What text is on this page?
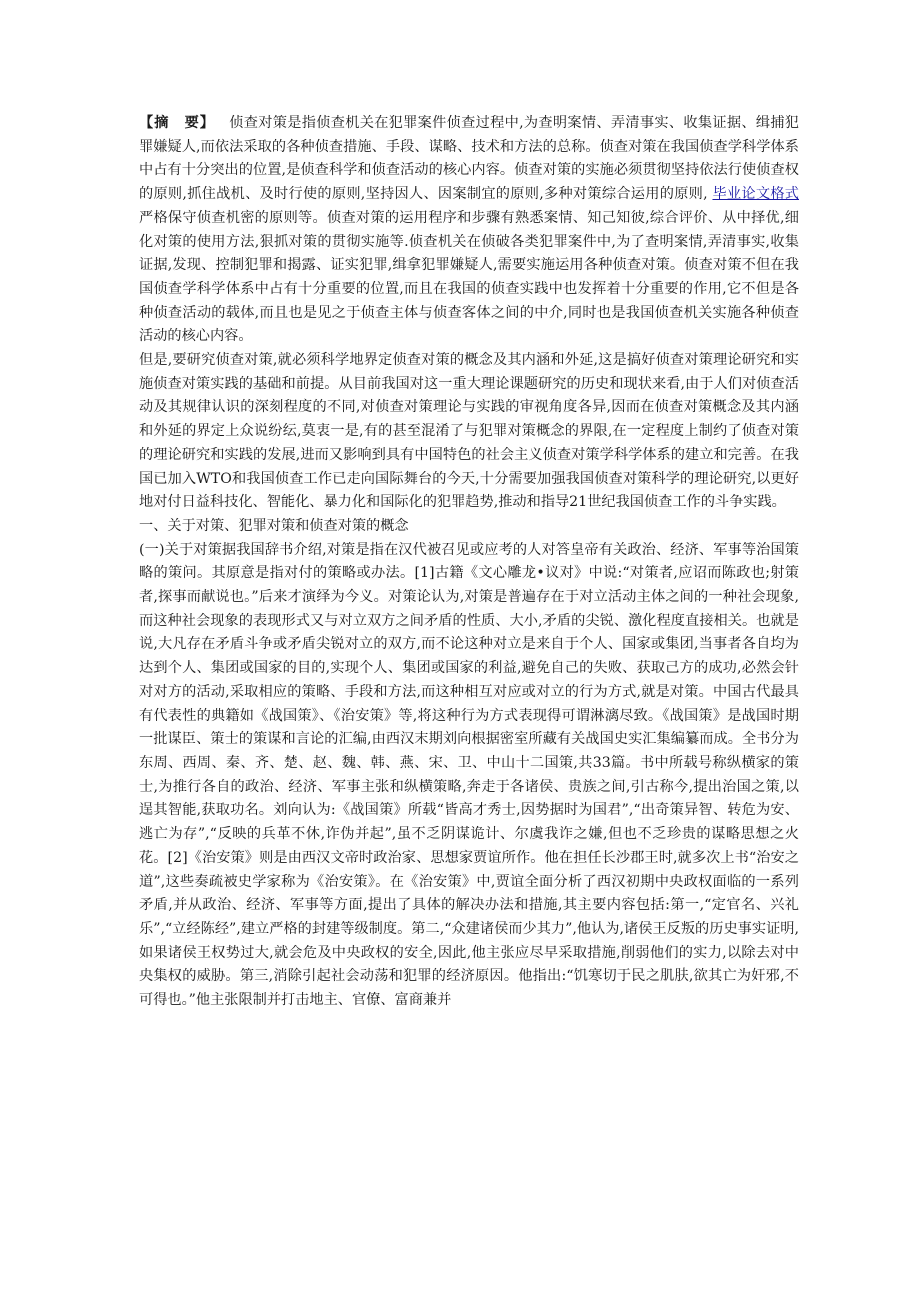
【摘　要】 侦查对策是指侦查机关在犯罪案件侦查过程中,为查明案情、弄清事实、收集证据、缉捕犯罪嫌疑人,而依法采取的各种侦查措施、手段、谋略、技术和方法的总称。侦查对策在我国侦查学科学体系中占有十分突出的位置,是侦查科学和侦查活动的核心内容。侦查对策的实施必须贯彻坚持依法行使侦查权的原则,抓住战机、及时行使的原则,坚持因人、因案制宜的原则,多种对策综合运用的原则, 毕业论文格式严格保守侦查机密的原则等。侦查对策的运用程序和步骤有熟悉案情、知己知彼,综合评价、从中择优,细化对策的使用方法,狠抓对策的贯彻实施等.侦查机关在侦破各类犯罪案件中,为了查明案情,弄清事实,收集证据,发现、控制犯罪和揭露、证实犯罪,缉拿犯罪嫌疑人,需要实施运用各种侦查对策。侦查对策不但在我国侦查学科学体系中占有十分重要的位置,而且在我国的侦查实践中也发挥着十分重要的作用,它不但是各种侦查活动的载体,而且也是见之于侦查主体与侦查客体之间的中介,同时也是我国侦查机关实施各种侦查活动的核心内容。

但是,要研究侦查对策,就必须科学地界定侦查对策的概念及其内涵和外延,这是搞好侦查对策理论研究和实施侦查对策实践的基础和前提。从目前我国对这一重大理论课题研究的历史和现状来看,由于人们对侦查活动及其规律认识的深刻程度的不同,对侦查对策理论与实践的审视角度各异,因而在侦查对策概念及其内涵和外延的界定上众说纷纭,莫衷一是,有的甚至混淆了与犯罪对策概念的界限,在一定程度上制约了侦查对策的理论研究和实践的发展,进而又影响到具有中国特色的社会主义侦查对策学科学体系的建立和完善。在我国已加入WTO和我国侦查工作已走向国际舞台的今天,十分需要加强我国侦查对策科学的理论研究,以更好地对付日益科技化、智能化、暴力化和国际化的犯罪趋势,推动和指导21世纪我国侦查工作的斗争实践。

一、关于对策、犯罪对策和侦查对策的概念

(一)关于对策据我国辞书介绍,对策是指在汉代被召见或应考的人对答皇帝有关政治、经济、军事等治国策略的策问。其原意是指对付的策略或办法。[1]古籍《文心雕龙•议对》中说:“对策者,应诏而陈政也;射策者,探事而献说也。”后来才演绎为今义。对策论认为,对策是普遍存在于对立活动主体之间的一种社会现象,而这种社会现象的表现形式又与对立双方之间矛盾的性质、大小,矛盾的尖锐、激化程度直接相关。也就是说,大凡存在矛盾斗争或矛盾尖锐对立的双方,而不论这种对立是来自于个人、国家或集团,当事者各自均为达到个人、集团或国家的目的,实现个人、集团或国家的利益,避免自己的失败、获取己方的成功,必然会针对对方的活动,采取相应的策略、手段和方法,而这种相互对应或对立的行为方式,就是对策。中国古代最具有代表性的典籍如《战国策》、《治安策》等,将这种行为方式表现得可谓淋漓尽致。《战国策》是战国时期一批谋臣、策士的策谋和言论的汇编,由西汉末期刘向根据密室所藏有关战国史实汇集编纂而成。全书分为东周、西周、秦、齐、楚、赵、魏、韩、燕、宋、卫、中山十二国策,共33篇。书中所载号称纵横家的策士,为推行各自的政治、经济、军事主张和纵横策略,奔走于各诸侯、贵族之间,引古称今,提出治国之策,以逞其智能,获取功名。刘向认为:《战国策》所载“皆高才秀士,因势据时为国君”,“出奇策异智、转危为安、逃亡为存”,“反映的兵革不休,诈伪并起”,虽不乏阴谋诡计、尔虞我诈之嫌,但也不乏珍贵的谋略思想之火花。[2]《治安策》则是由西汉文帝时政治家、思想家贾谊所作。他在担任长沙郡王时,就多次上书“治安之道”,这些奏疏被史学家称为《治安策》。在《治安策》中,贾谊全面分析了西汉初期中央政权面临的一系列矛盾,并从政治、经济、军事等方面,提出了具体的解决办法和措施,其主要内容包括:第一,“定官名、兴礼乐”,“立经陈经”,建立严格的封建等级制度。第二,“众建诸侯而少其力”,他认为,诸侯王反叛的历史事实证明,如果诸侯王权势过大,就会危及中央政权的安全,因此,他主张应尽早采取措施,削弱他们的实力,以除去对中央集权的威胁。第三,消除引起社会动荡和犯罪的经济原因。他指出:“饥寒切于民之肌肤,欲其亡为奸邪,不可得也。”他主张限制并打击地主、官僚、富商兼并
